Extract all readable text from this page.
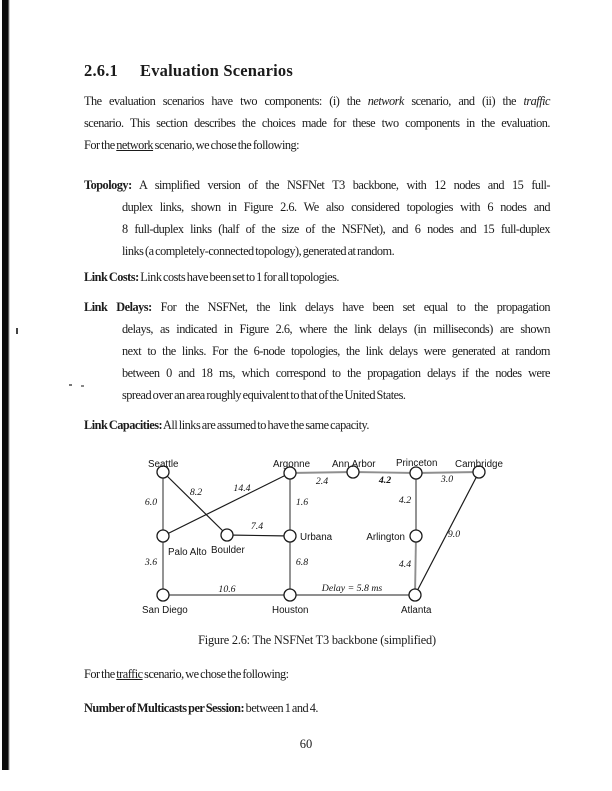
2.6.1 Evaluation Scenarios
The evaluation scenarios have two components: (i) the network scenario, and (ii) the traffic
scenario. This section describes the choices made for these two components in the evaluation.
For the network scenario, we chose the following:
Topology: A simplified version of the NSFNet T3 backbone, with 12 nodes and 15 full-
duplex links, shown in Figure 2.6. We also considered topologies with 6 nodes and
8 full-duplex links (half of the size of the NSFNet), and 6 nodes and 15 full-duplex
links (a completely-connected topology), generated at random.
Link Costs: Link costs have been set to 1 for all topologies.
Link Delays: For the NSFNet, the link delays have been set equal to the propagation
delays, as indicated in Figure 2.6, where the link delays (in milliseconds) are shown
next to the links. For the 6-node topologies, the link delays were generated at random
between 0 and 18 ms, which correspond to the propagation delays if the nodes were
spread over an area roughly equivalent to that of the United States.
Link Capacities: All links are assumed to have the same capacity.
Seattle	Argonne Ann Arbor Princeton Cambridge
Palo Alto Boulder
Urbana	Arlington
San Diego	Houston	Atlanta
6.0
8.2	14.4
2.4	4.2	3.0
1.6	4.2
7.4
3.6	6.8	4.4
10.6	Delay = 5.8 ms
9.0
Figure 2.6: The NSFNet T3 backbone (simplified)
For the traffic scenario, we chose the following:
Number of Multicasts per Session: between 1 and 4.
60
